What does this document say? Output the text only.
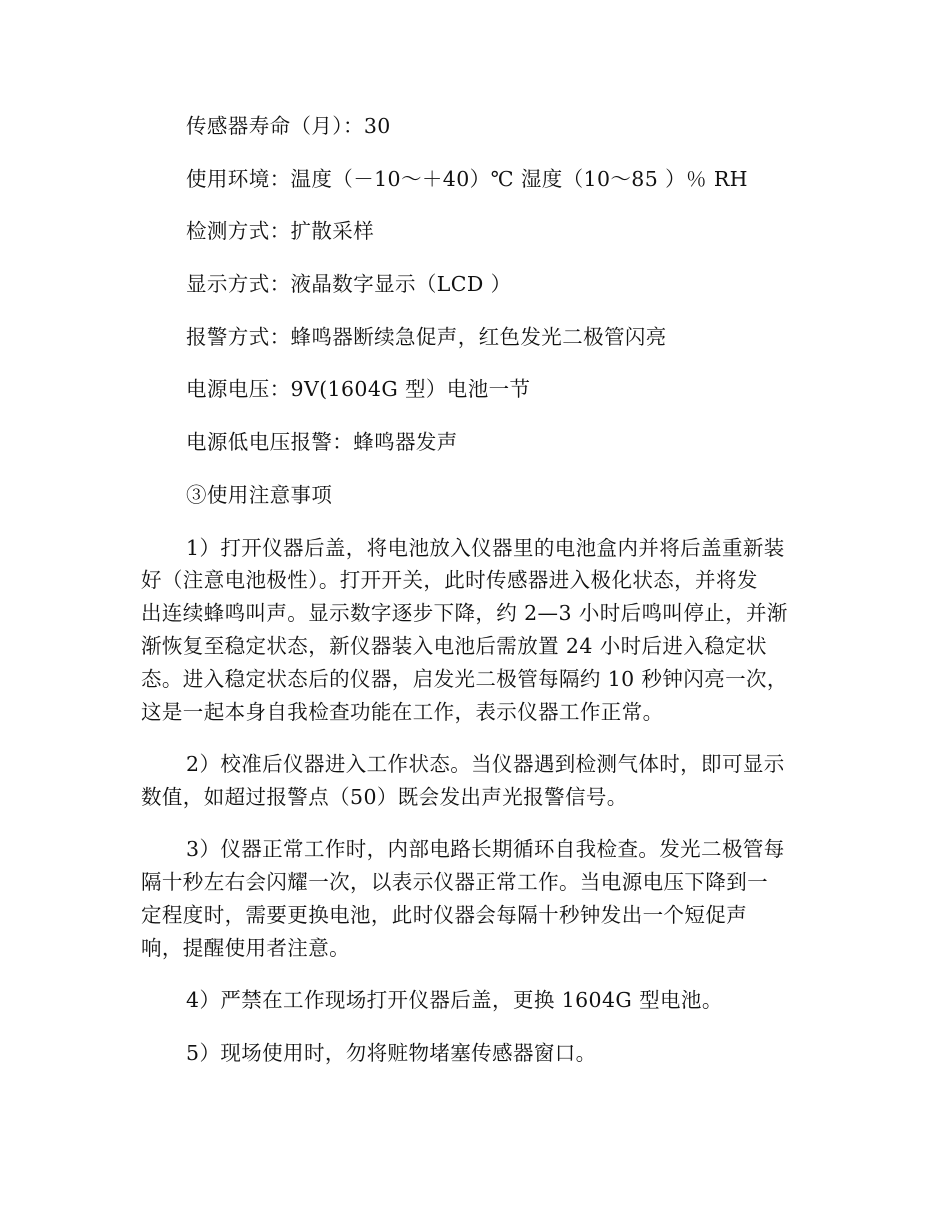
传感器寿命（月）：30
使用环境：温度（－10～＋40）℃ 湿度（10～85 ）％ RH
检测方式：扩散采样
显示方式：液晶数字显示（LCD ）
报警方式：蜂鸣器断续急促声，红色发光二极管闪亮
电源电压：9V(1604G 型）电池一节
电源低电压报警：蜂鸣器发声
③使用注意事项
1）打开仪器后盖，将电池放入仪器里的电池盒内并将后盖重新装
好（注意电池极性）。打开开关，此时传感器进入极化状态，并将发
出连续蜂鸣叫声。显示数字逐步下降，约 2—3 小时后鸣叫停止，并渐
渐恢复至稳定状态，新仪器装入电池后需放置 24 小时后进入稳定状
态。进入稳定状态后的仪器，启发光二极管每隔约 10 秒钟闪亮一次，
这是一起本身自我检查功能在工作，表示仪器工作正常。
2）校准后仪器进入工作状态。当仪器遇到检测气体时，即可显示
数值，如超过报警点（50）既会发出声光报警信号。
3）仪器正常工作时，内部电路长期循环自我检查。发光二极管每
隔十秒左右会闪耀一次，以表示仪器正常工作。当电源电压下降到一
定程度时，需要更换电池，此时仪器会每隔十秒钟发出一个短促声
响，提醒使用者注意。
4）严禁在工作现场打开仪器后盖，更换 1604G 型电池。
5）现场使用时，勿将赃物堵塞传感器窗口。
